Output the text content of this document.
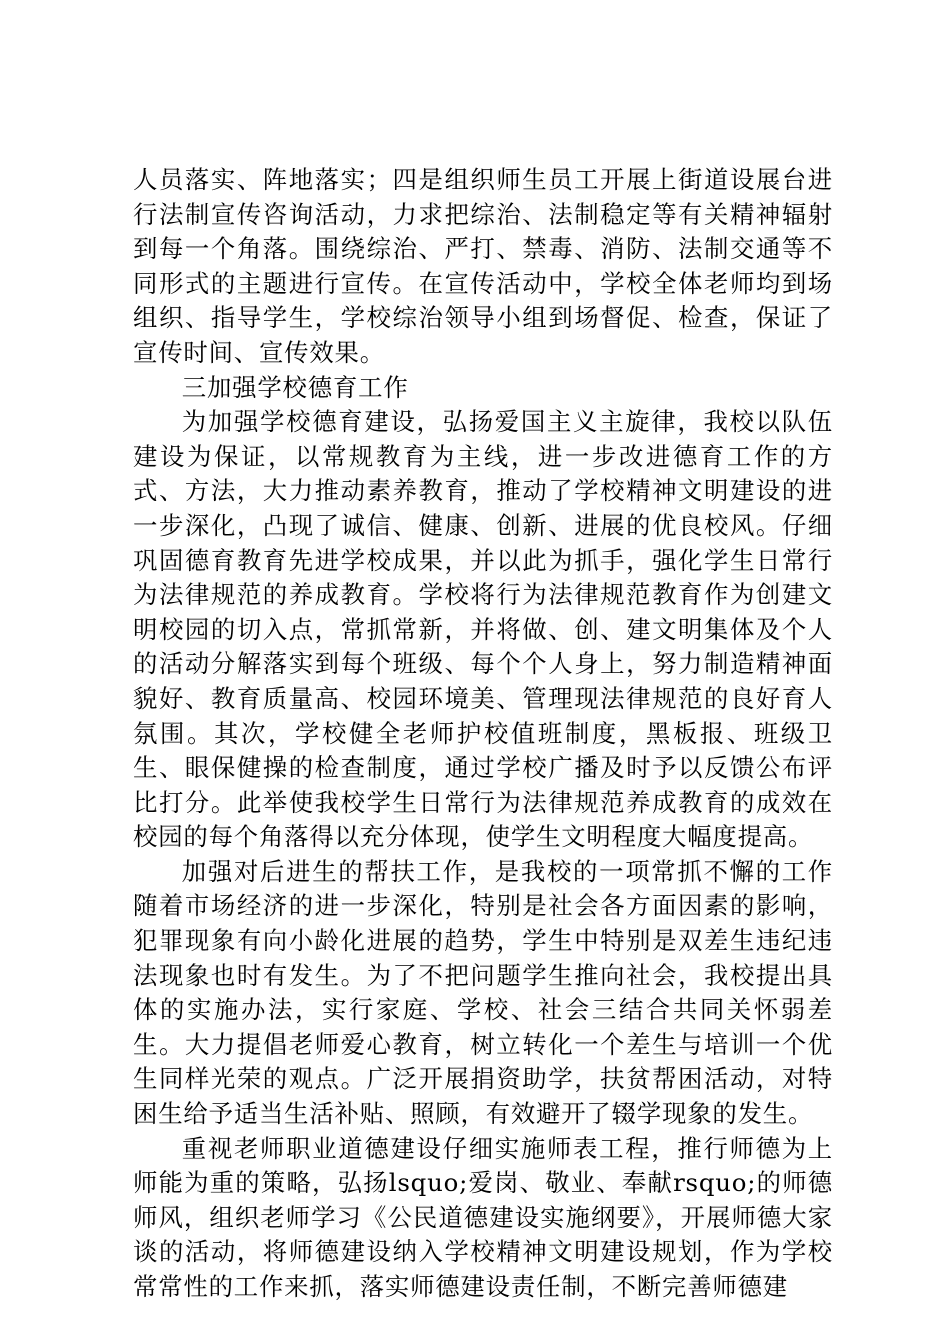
人员落实、阵地落实；四是组织师生员工开展上街道设展台进行法制宣传咨询活动，力求把综治、法制稳定等有关精神辐射到每一个角落。围绕综治、严打、禁毒、消防、法制交通等不同形式的主题进行宣传。在宣传活动中，学校全体老师均到场组织、指导学生，学校综治领导小组到场督促、检查，保证了宣传时间、宣传效果。

三加强学校德育工作

为加强学校德育建设，弘扬爱国主义主旋律，我校以队伍建设为保证，以常规教育为主线，进一步改进德育工作的方式、方法，大力推动素养教育，推动了学校精神文明建设的进一步深化，凸现了诚信、健康、创新、进展的优良校风。仔细巩固德育教育先进学校成果，并以此为抓手，强化学生日常行为法律规范的养成教育。学校将行为法律规范教育作为创建文明校园的切入点，常抓常新，并将做、创、建文明集体及个人的活动分解落实到每个班级、每个个人身上，努力制造精神面貌好、教育质量高、校园环境美、管理现法律规范的良好育人氛围。其次，学校健全老师护校值班制度，黑板报、班级卫生、眼保健操的检查制度，通过学校广播及时予以反馈公布评比打分。此举使我校学生日常行为法律规范养成教育的成效在校园的每个角落得以充分体现，使学生文明程度大幅度提高。

加强对后进生的帮扶工作，是我校的一项常抓不懈的工作随着市场经济的进一步深化，特别是社会各方面因素的影响，犯罪现象有向小龄化进展的趋势，学生中特别是双差生违纪违法现象也时有发生。为了不把问题学生推向社会，我校提出具体的实施办法，实行家庭、学校、社会三结合共同关怀弱差生。大力提倡老师爱心教育，树立转化一个差生与培训一个优生同样光荣的观点。广泛开展捐资助学，扶贫帮困活动，对特困生给予适当生活补贴、照顾，有效避开了辍学现象的发生。

重视老师职业道德建设仔细实施师表工程，推行师德为上师能为重的策略，弘扬lsquo;爱岗、敬业、奉献rsquo;的师德师风，组织老师学习《公民道德建设实施纲要》，开展师德大家谈的活动，将师德建设纳入学校精神文明建设规划，作为学校常常性的工作来抓，落实师德建设责任制，不断完善师德建
